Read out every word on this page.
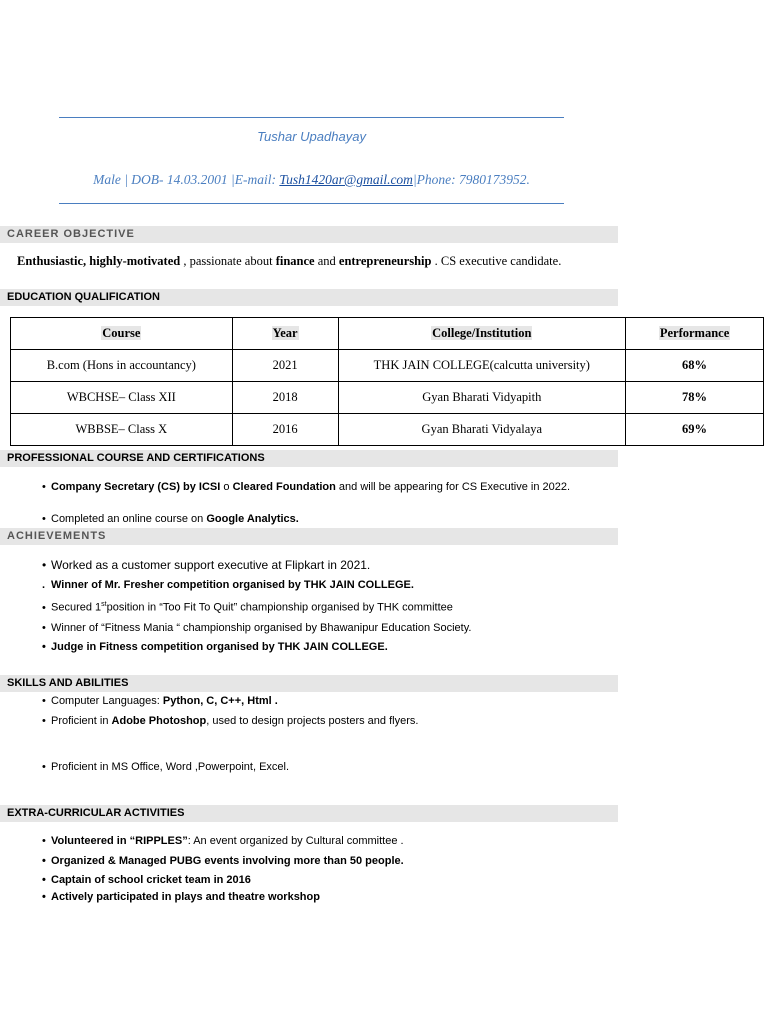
Tushar Upadhayay
Male | DOB- 14.03.2001 |E-mail: Tush1420ar@gmail.com|Phone: 7980173952.
CAREER OBJECTIVE
Enthusiastic, highly-motivated , passionate about finance and entrepreneurship . CS executive candidate.
EDUCATION QUALIFICATION
Course	Year	College/Institution	Performance
B.com (Hons in accountancy)	2021	THK JAIN COLLEGE(calcutta university)	68%
WBCHSE– Class XII	2018	Gyan Bharati Vidyapith	78%
WBBSE– Class X	2016	Gyan Bharati Vidyalaya	69%
PROFESSIONAL COURSE AND CERTIFICATIONS
• Company Secretary (CS) by ICSI o Cleared Foundation and will be appearing for CS Executive in 2022.
• Completed an online course on Google Analytics.
ACHIEVEMENTS
• Worked as a customer support executive at Flipkart in 2021.
. Winner of Mr. Fresher competition organised by THK JAIN COLLEGE.
• Secured 1stposition in “Too Fit To Quit” championship organised by THK committee
• Winner of “Fitness Mania “ championship organised by Bhawanipur Education Society.
• Judge in Fitness competition organised by THK JAIN COLLEGE.
SKILLS AND ABILITIES
• Computer Languages: Python, C, C++, Html .
• Proficient in Adobe Photoshop, used to design projects posters and flyers.
• Proficient in MS Office, Word ,Powerpoint, Excel.
EXTRA-CURRICULAR ACTIVITIES
• Volunteered in “RIPPLES”: An event organized by Cultural committee .
• Organized & Managed PUBG events involving more than 50 people.
• Captain of school cricket team in 2016
• Actively participated in plays and theatre workshop
